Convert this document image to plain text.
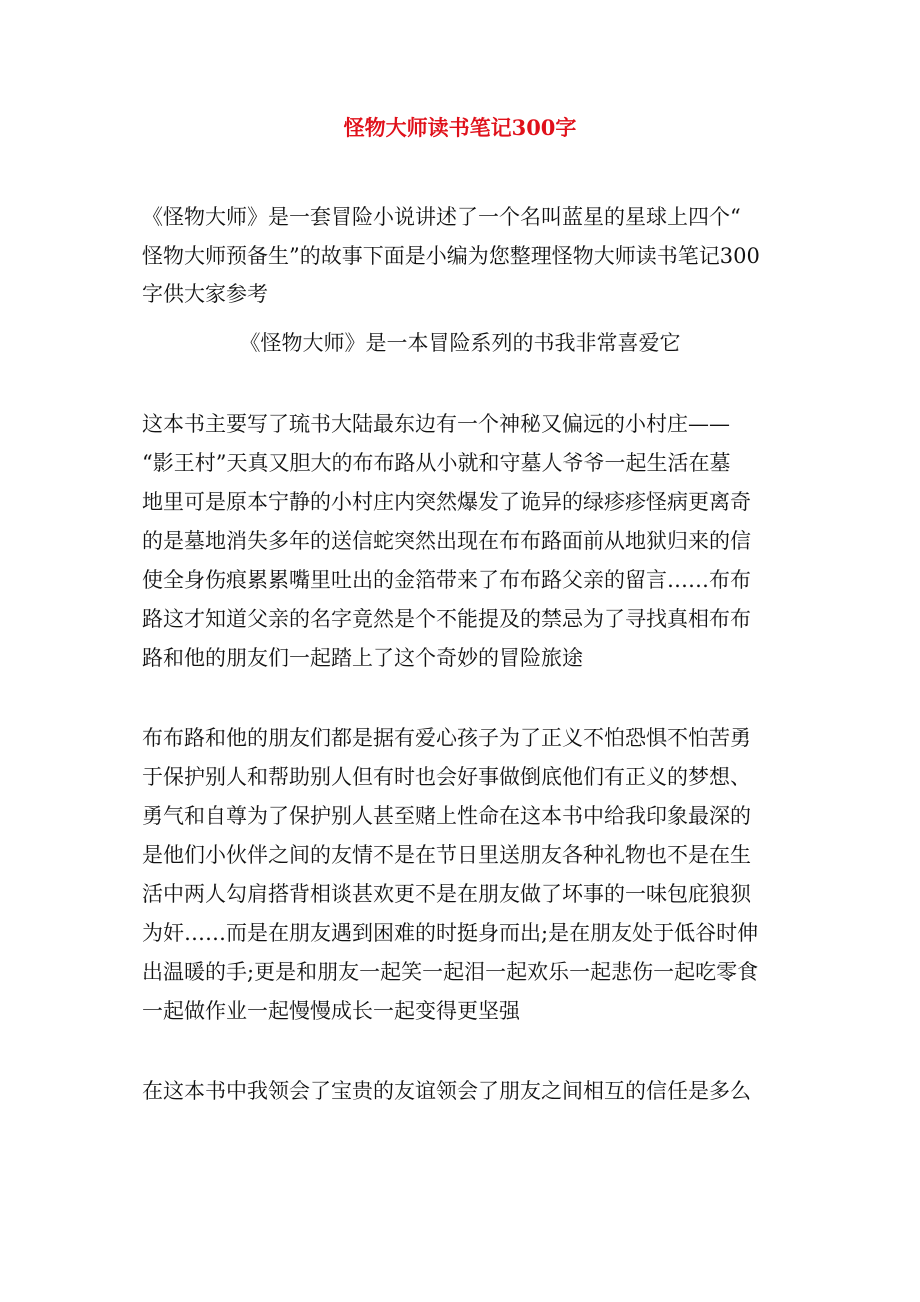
怪物大师读书笔记300字
《怪物大师》是一套冒险小说讲述了一个名叫蓝星的星球上四个“
怪物大师预备生”的故事下面是小编为您整理怪物大师读书笔记300
字供大家参考
《怪物大师》是一本冒险系列的书我非常喜爱它
这本书主要写了琉书大陆最东边有一个神秘又偏远的小村庄——
“影王村”天真又胆大的布布路从小就和守墓人爷爷一起生活在墓
地里可是原本宁静的小村庄内突然爆发了诡异的绿疹疹怪病更离奇
的是墓地消失多年的送信蛇突然出现在布布路面前从地狱归来的信
使全身伤痕累累嘴里吐出的金箔带来了布布路父亲的留言……布布
路这才知道父亲的名字竟然是个不能提及的禁忌为了寻找真相布布
路和他的朋友们一起踏上了这个奇妙的冒险旅途
布布路和他的朋友们都是据有爱心孩子为了正义不怕恐惧不怕苦勇
于保护别人和帮助别人但有时也会好事做倒底他们有正义的梦想、
勇气和自尊为了保护别人甚至赌上性命在这本书中给我印象最深的
是他们小伙伴之间的友情不是在节日里送朋友各种礼物也不是在生
活中两人勾肩搭背相谈甚欢更不是在朋友做了坏事的一味包庇狼狈
为奸……而是在朋友遇到困难的时挺身而出;是在朋友处于低谷时伸
出温暖的手;更是和朋友一起笑一起泪一起欢乐一起悲伤一起吃零食
一起做作业一起慢慢成长一起变得更坚强
在这本书中我领会了宝贵的友谊领会了朋友之间相互的信任是多么
